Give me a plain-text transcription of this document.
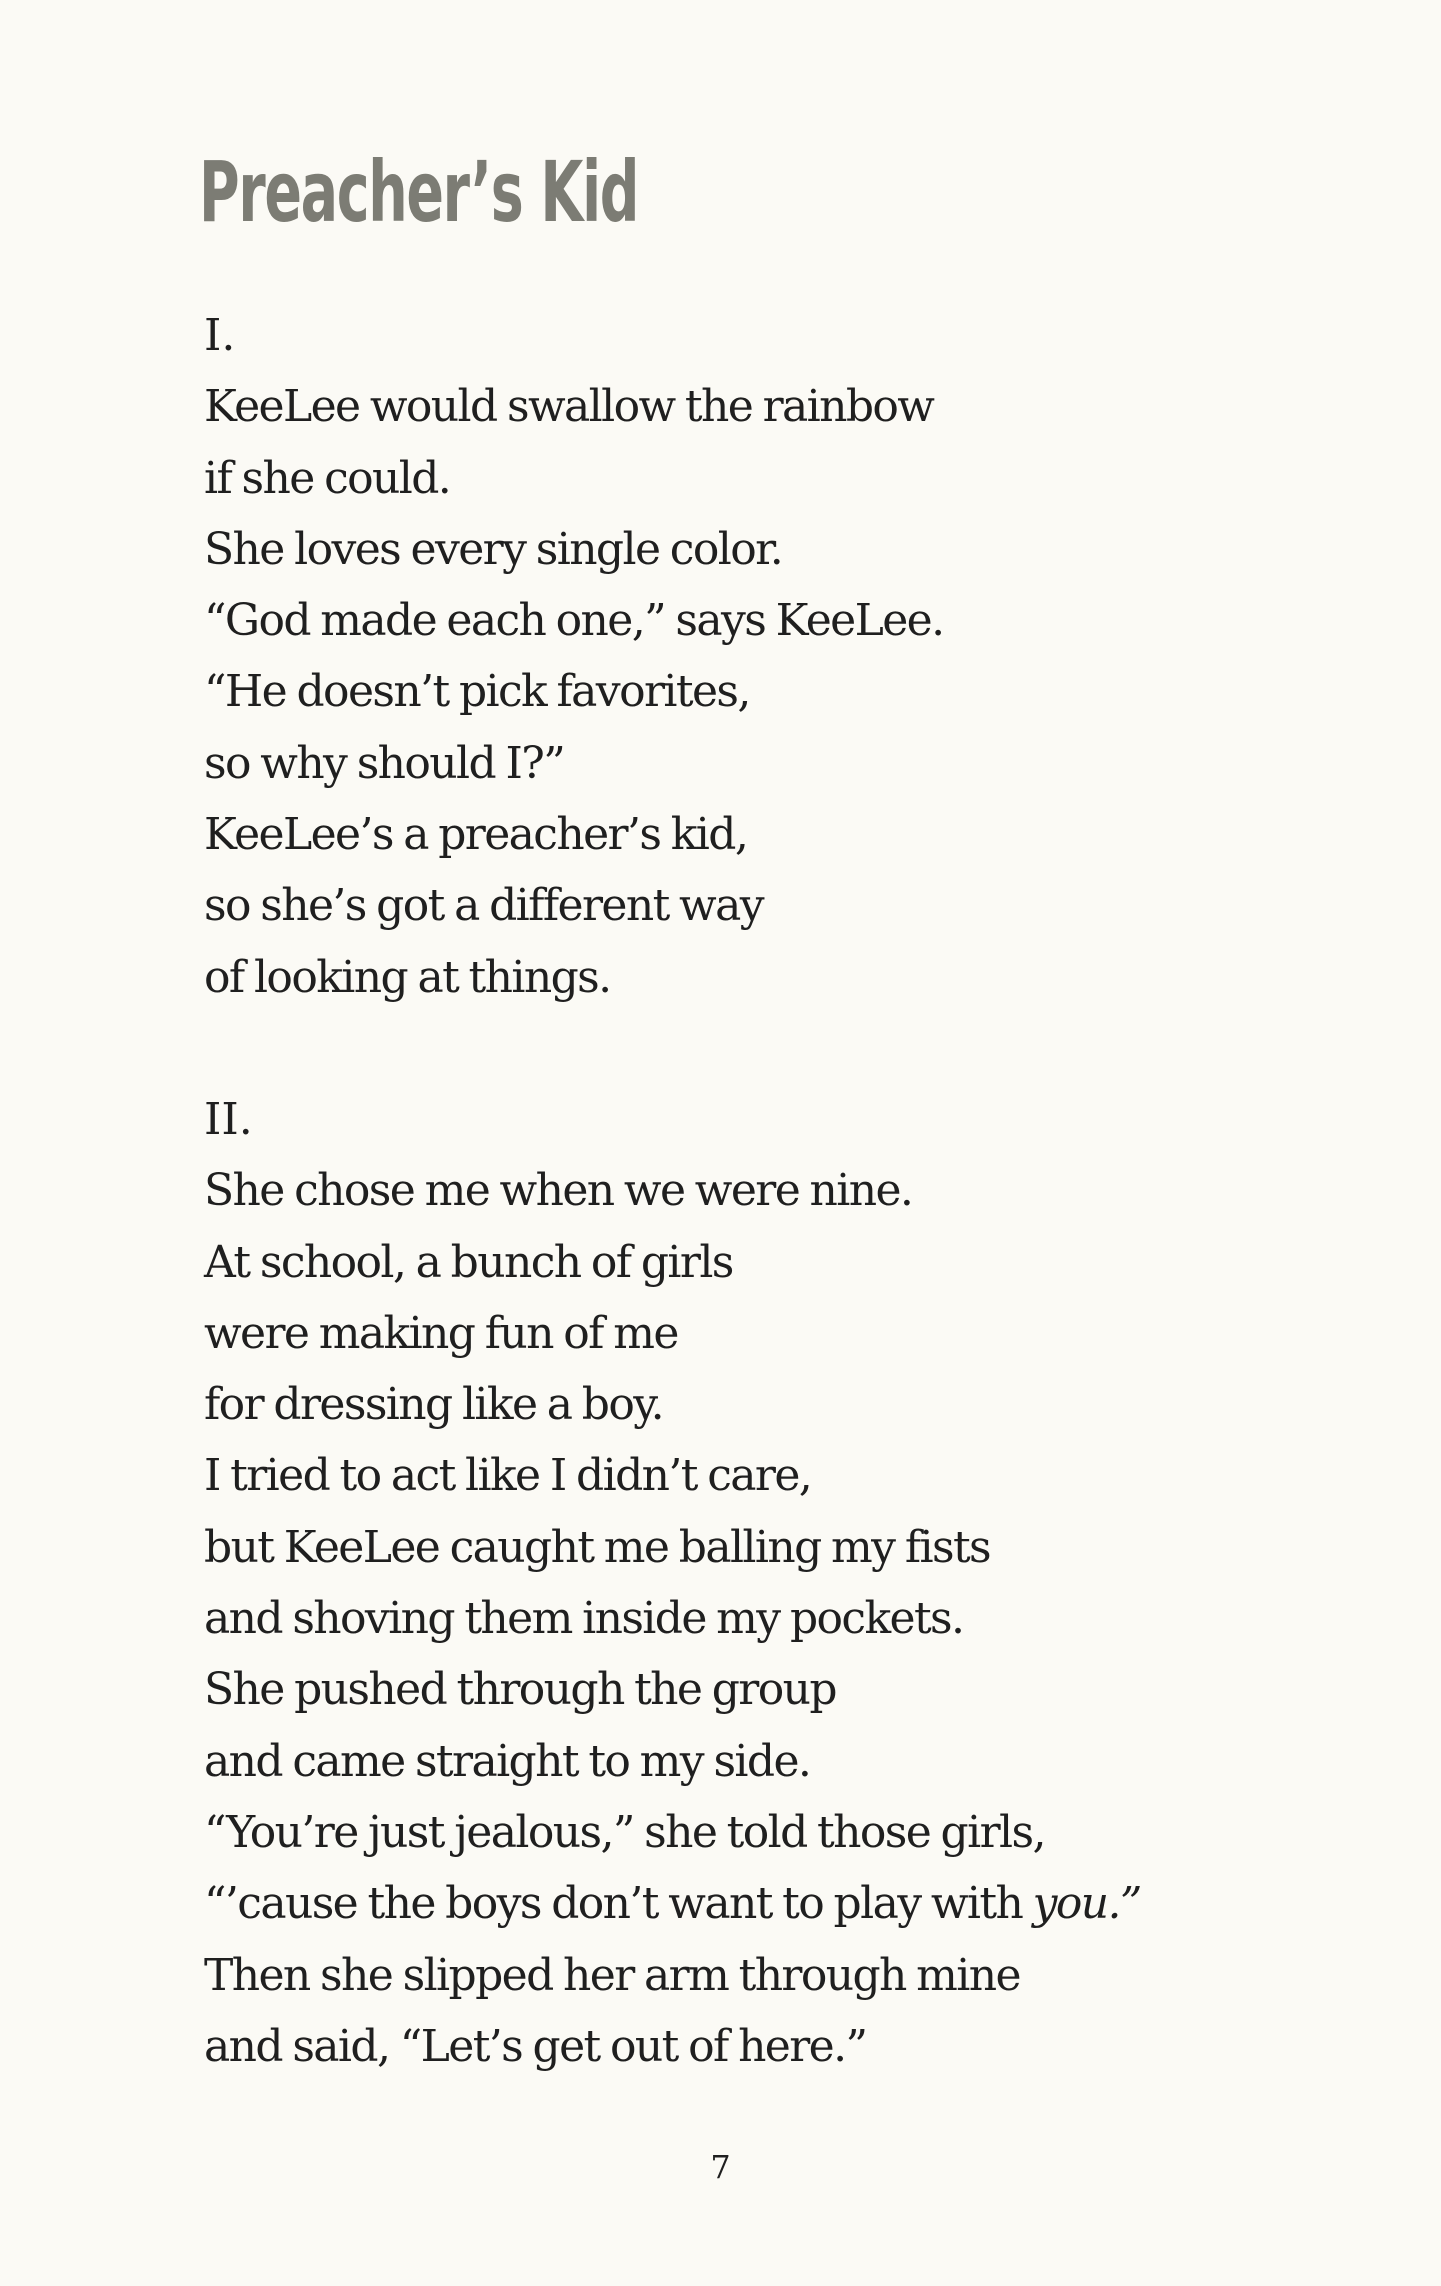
Preacher’s Kid
I.
KeeLee would swallow the rainbow
if she could.
She loves every single color.
“God made each one,” says KeeLee.
“He doesn’t pick favorites,
so why should I?”
KeeLee’s a preacher’s kid,
so she’s got a different way
of looking at things.
II.
She chose me when we were nine.
At school, a bunch of girls
were making fun of me
for dressing like a boy.
I tried to act like I didn’t care,
but KeeLee caught me balling my fists
and shoving them inside my pockets.
She pushed through the group
and came straight to my side.
“You’re just jealous,” she told those girls,
“’cause the boys don’t want to play with you.”
Then she slipped her arm through mine
and said, “Let’s get out of here.”
7
